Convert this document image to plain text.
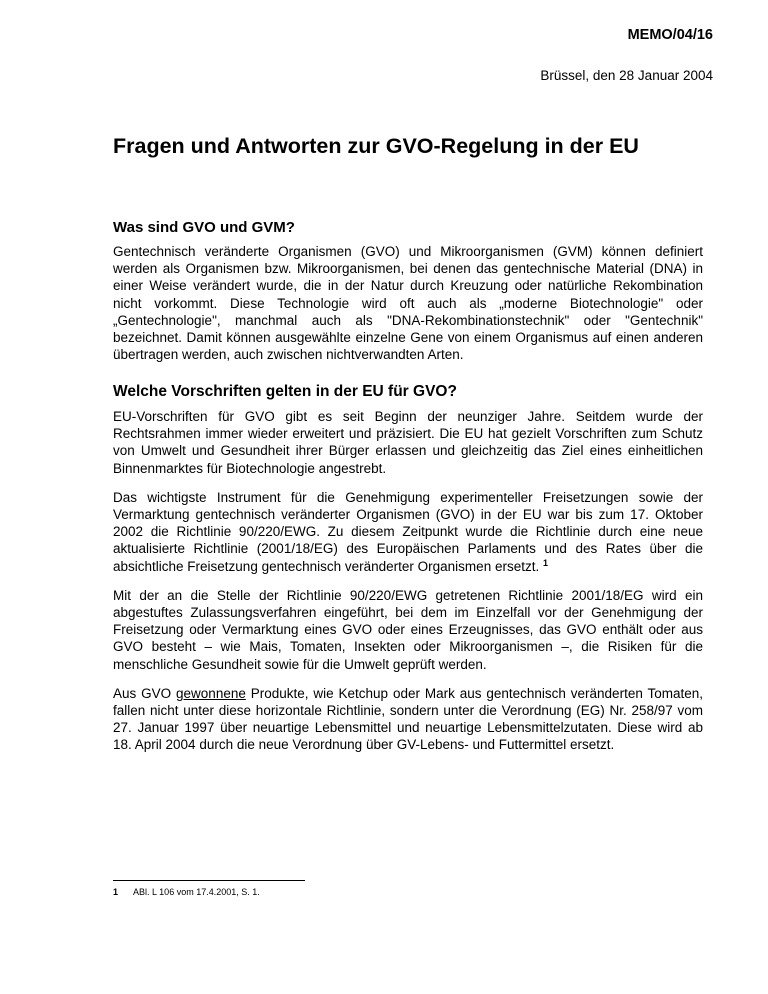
MEMO/04/16
Brüssel, den 28 Januar 2004
Fragen und Antworten zur GVO-Regelung in der EU
Was sind GVO und GVM?

Gentechnisch veränderte Organismen (GVO) und Mikroorganismen (GVM) können definiert werden als Organismen bzw. Mikroorganismen, bei denen das gentechnische Material (DNA) in einer Weise verändert wurde, die in der Natur durch Kreuzung oder natürliche Rekombination nicht vorkommt. Diese Technologie wird oft auch als „moderne Biotechnologie" oder „Gentechnologie", manchmal auch als "DNA-Rekombinationstechnik" oder "Gentechnik" bezeichnet. Damit können ausgewählte einzelne Gene von einem Organismus auf einen anderen übertragen werden, auch zwischen nichtverwandten Arten.

Welche Vorschriften gelten in der EU für GVO?

EU-Vorschriften für GVO gibt es seit Beginn der neunziger Jahre. Seitdem wurde der Rechtsrahmen immer wieder erweitert und präzisiert. Die EU hat gezielt Vorschriften zum Schutz von Umwelt und Gesundheit ihrer Bürger erlassen und gleichzeitig das Ziel eines einheitlichen Binnenmarktes für Biotechnologie angestrebt.

Das wichtigste Instrument für die Genehmigung experimenteller Freisetzungen sowie der Vermarktung gentechnisch veränderter Organismen (GVO) in der EU war bis zum 17. Oktober 2002 die Richtlinie 90/220/EWG. Zu diesem Zeitpunkt wurde die Richtlinie durch eine neue aktualisierte Richtlinie (2001/18/EG) des Europäischen Parlaments und des Rates über die absichtliche Freisetzung gentechnisch veränderter Organismen ersetzt. $^1$

Mit der an die Stelle der Richtlinie 90/220/EWG getretenen Richtlinie 2001/18/EG wird ein abgestuftes Zulassungsverfahren eingeführt, bei dem im Einzelfall vor der Genehmigung der Freisetzung oder Vermarktung eines GVO oder eines Erzeugnisses, das GVO enthält oder aus GVO besteht – wie Mais, Tomaten, Insekten oder Mikroorganismen –, die Risiken für die menschliche Gesundheit sowie für die Umwelt geprüft werden.

Aus GVO gewonnene Produkte, wie Ketchup oder Mark aus gentechnisch veränderten Tomaten, fallen nicht unter diese horizontale Richtlinie, sondern unter die Verordnung (EG) Nr. 258/97 vom 27. Januar 1997 über neuartige Lebensmittel und neuartige Lebensmittelzutaten. Diese wird ab 18. April 2004 durch die neue Verordnung über GV-Lebens- und Futtermittel ersetzt.

1 ABl. L 106 vom 17.4.2001, S. 1.
